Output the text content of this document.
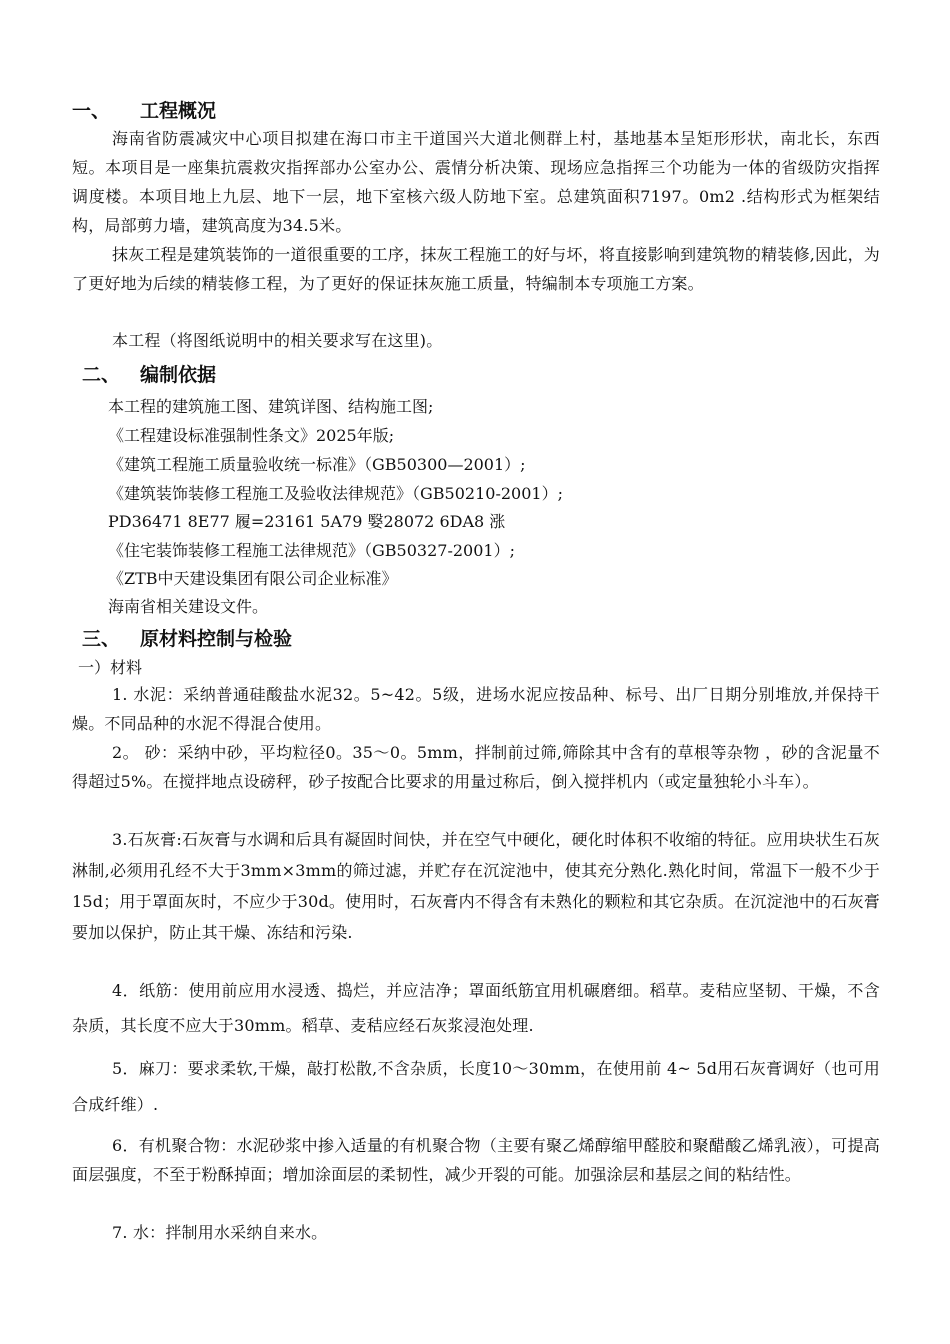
一、 工程概况
海南省防震减灾中心项目拟建在海口市主干道国兴大道北侧群上村，基地基本呈矩形形状，南北长，东西短。本项目是一座集抗震救灾指挥部办公室办公、震情分析决策、现场应急指挥三个功能为一体的省级防灾指挥调度楼。本项目地上九层、地下一层，地下室核六级人防地下室。总建筑面积7197。0m2 .结构形式为框架结构，局部剪力墙，建筑高度为34.5米。
抹灰工程是建筑装饰的一道很重要的工序，抹灰工程施工的好与坏，将直接影响到建筑物的精装修,因此，为了更好地为后续的精装修工程，为了更好的保证抹灰施工质量，特编制本专项施工方案。
本工程（将图纸说明中的相关要求写在这里)。
二、 编制依据
本工程的建筑施工图、建筑详图、结构施工图;
《工程建设标准强制性条文》2025年版;
《建筑工程施工质量验收统一标准》（GB50300—2001）;
《建筑装饰装修工程施工及验收法律规范》（GB50210-2001）;
PD36471 8E77 履=23161 5A79 嫛28072 6DA8 涨
《住宅装饰装修工程施工法律规范》（GB50327-2001）;
《ZTB中天建设集团有限公司企业标准》
海南省相关建设文件。
三、 原材料控制与检验
一）材料
1. 水泥：采纳普通硅酸盐水泥32。5~42。5级，进场水泥应按品种、标号、出厂日期分别堆放,并保持干燥。不同品种的水泥不得混合使用。
2。 砂：采纳中砂，平均粒径0。35～0。5mm，拌制前过筛,筛除其中含有的草根等杂物 ，砂的含泥量不得超过5%。在搅拌地点设磅秤，砂子按配合比要求的用量过称后，倒入搅拌机内（或定量独轮小斗车）。
3.石灰膏:石灰膏与水调和后具有凝固时间快，并在空气中硬化，硬化时体积不收缩的特征。应用块状生石灰淋制,必须用孔经不大于3mm×3mm的筛过滤，并贮存在沉淀池中，使其充分熟化.熟化时间，常温下一般不少于15d；用于罩面灰时，不应少于30d。使用时，石灰膏内不得含有未熟化的颗粒和其它杂质。在沉淀池中的石灰膏要加以保护，防止其干燥、冻结和污染.
4．纸筋：使用前应用水浸透、捣烂，并应洁净；罩面纸筋宜用机碾磨细。稻草。麦秸应坚韧、干燥，不含杂质，其长度不应大于30mm。稻草、麦秸应经石灰浆浸泡处理.
5．麻刀：要求柔软,干燥，敲打松散,不含杂质，长度10～30mm，在使用前 4~ 5d用石灰膏调好（也可用合成纤维）.
6．有机聚合物：水泥砂浆中掺入适量的有机聚合物（主要有聚乙烯醇缩甲醛胶和聚醋酸乙烯乳液），可提高面层强度，不至于粉酥掉面；增加涂面层的柔韧性，减少开裂的可能。加强涂层和基层之间的粘结性。
7. 水：拌制用水采纳自来水。
